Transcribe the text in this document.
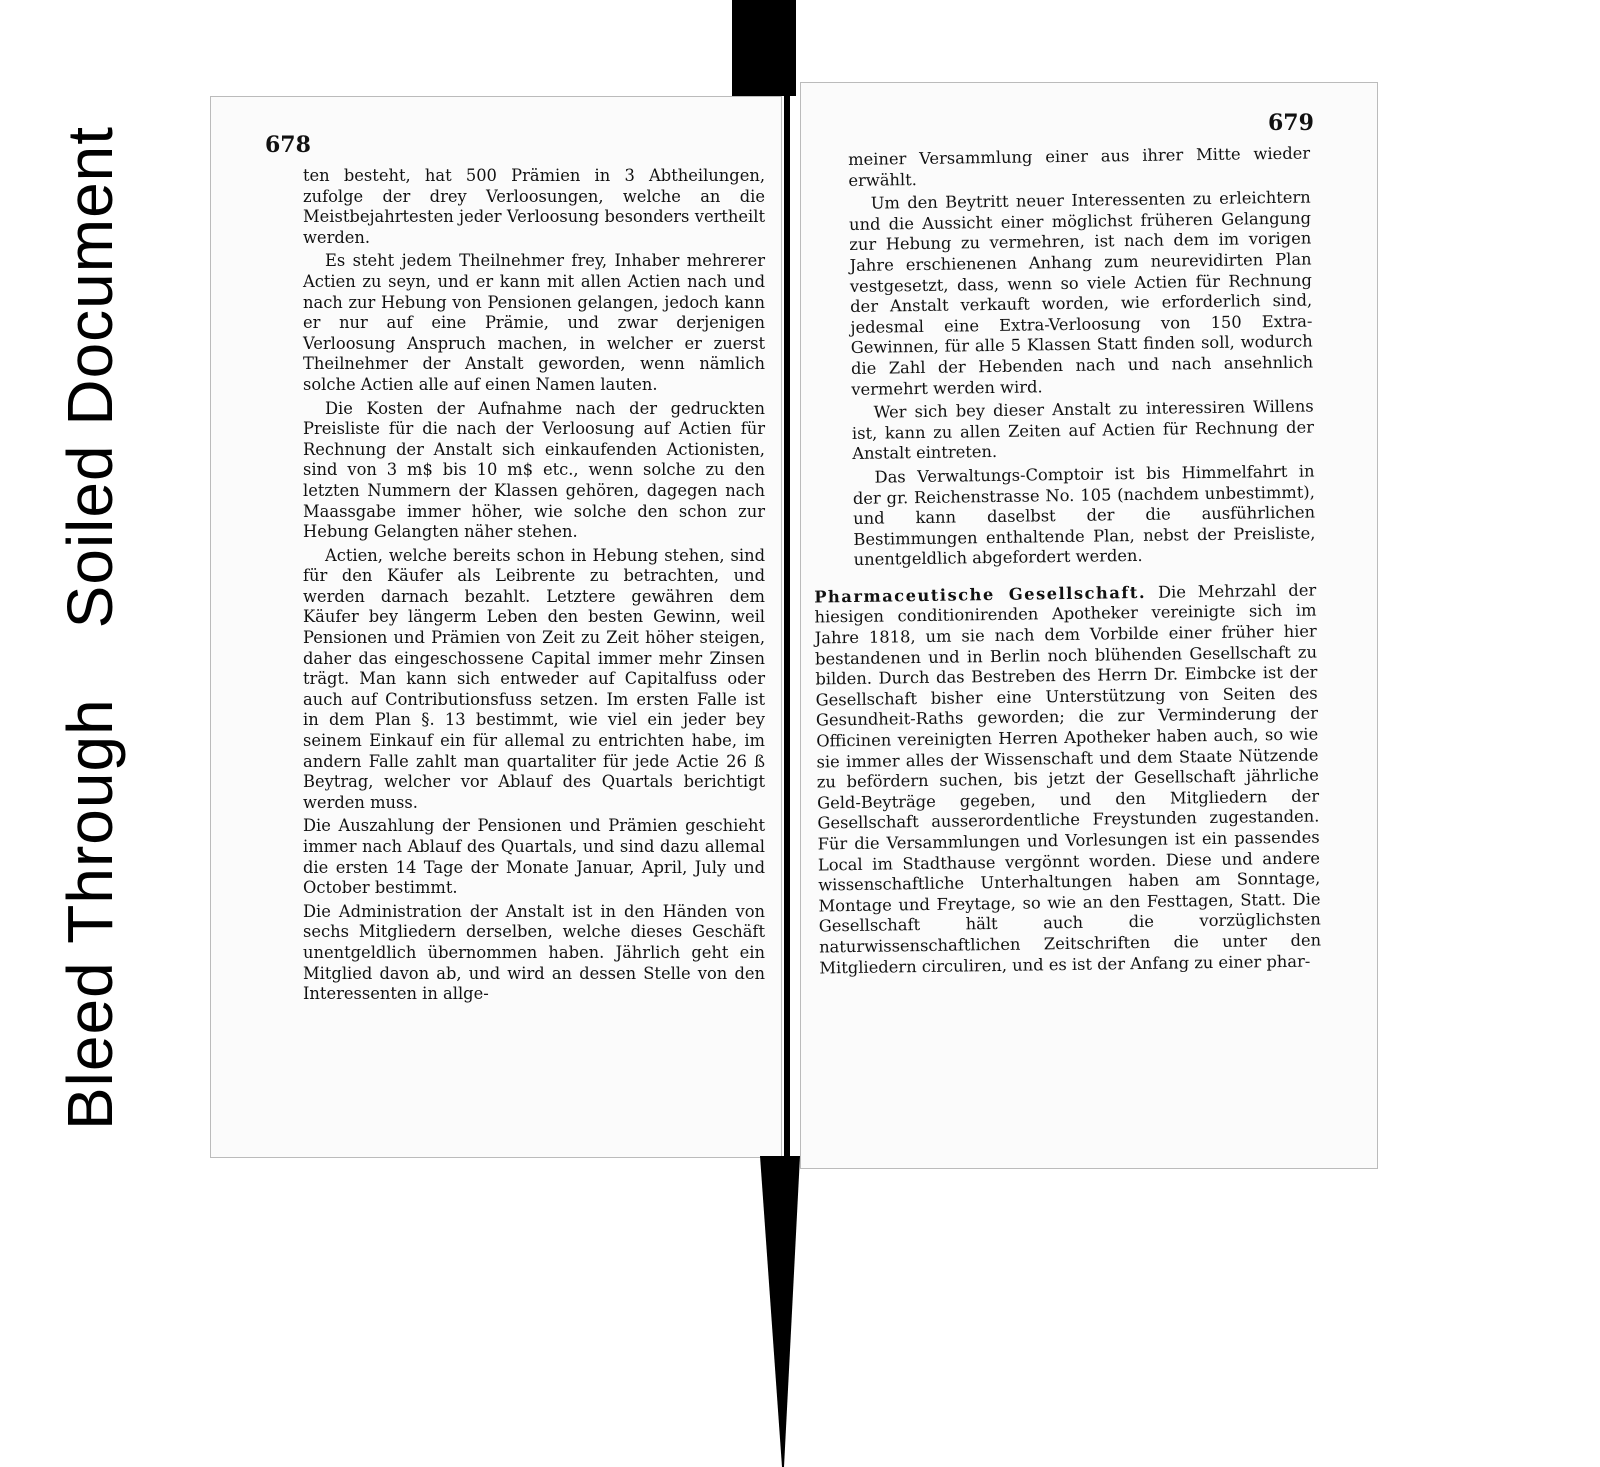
Bleed Through
Soiled Document	678
679

ten besteht, hat 500 Prämien in 3 Abtheilungen, zufolge der drey Verloosungen, welche an die Meistbejahrtesten jeder Verloosung besonders vertheilt werden.

Es steht jedem Theilnehmer frey, Inhaber mehrerer Actien zu seyn, und er kann mit allen Actien nach und nach zur Hebung von Pensionen gelangen, jedoch kann er nur auf eine Prämie, und zwar derjenigen Verloosung Anspruch machen, in welcher er zuerst Theilnehmer der Anstalt geworden, wenn nämlich solche Actien alle auf einen Namen lauten.

Die Kosten der Aufnahme nach der gedruckten Preisliste für die nach der Verloosung auf Actien für Rechnung der Anstalt sich einkaufenden Actionisten, sind von 3 m$ bis 10 m$ etc., wenn solche zu den letzten Nummern der Klassen gehören, dagegen nach Maassgabe immer höher, wie solche den schon zur Hebung Gelangten näher stehen.

Actien, welche bereits schon in Hebung stehen, sind für den Käufer als Leibrente zu betrachten, und werden darnach bezahlt. Letztere gewähren dem Käufer bey längerm Leben den besten Gewinn, weil Pensionen und Prämien von Zeit zu Zeit höher steigen, daher das eingeschossene Capital immer mehr Zinsen trägt. Man kann sich entweder auf Capitalfuss oder auch auf Contributionsfuss setzen. Im ersten Falle ist in dem Plan §. 13 bestimmt, wie viel ein jeder bey seinem Einkauf ein für allemal zu entrichten habe, im andern Falle zahlt man quartaliter für jede Actie 26 ß Beytrag, welcher vor Ablauf des Quartals berichtigt werden muss.

Die Auszahlung der Pensionen und Prämien geschieht immer nach Ablauf des Quartals, und sind dazu allemal die ersten 14 Tage der Monate Januar, April, July und October bestimmt.

Die Administration der Anstalt ist in den Händen von sechs Mitgliedern derselben, welche dieses Geschäft unentgeldlich übernommen haben. Jährlich geht ein Mitglied davon ab, und wird an dessen Stelle von den Interessenten in allge-

meiner Versammlung einer aus ihrer Mitte wieder erwählt.

Um den Beytritt neuer Interessenten zu erleichtern und die Aussicht einer möglichst früheren Gelangung zur Hebung zu vermehren, ist nach dem im vorigen Jahre erschienenen Anhang zum neurevidirten Plan vestgesetzt, dass, wenn so viele Actien für Rechnung der Anstalt verkauft worden, wie erforderlich sind, jedesmal eine Extra-Verloosung von 150 Extra-Gewinnen, für alle 5 Klassen Statt finden soll, wodurch die Zahl der Hebenden nach und nach ansehnlich vermehrt werden wird.

Wer sich bey dieser Anstalt zu interessiren Willens ist, kann zu allen Zeiten auf Actien für Rechnung der Anstalt eintreten.

Das Verwaltungs-Comptoir ist bis Himmelfahrt in der gr. Reichenstrasse No. 105 (nachdem unbestimmt), und kann daselbst der die ausführlichen Bestimmungen enthaltende Plan, nebst der Preisliste, unentgeldlich abgefordert werden.

Pharmaceutische Gesellschaft. Die Mehrzahl der hiesigen conditionirenden Apotheker vereinigte sich im Jahre 1818, um sie nach dem Vorbilde einer früher hier bestandenen und in Berlin noch blühenden Gesellschaft zu bilden. Durch das Bestreben des Herrn Dr. Eimbcke ist der Gesellschaft bisher eine Unterstützung von Seiten des Gesundheit-Raths geworden; die zur Verminderung der Officinen vereinigten Herren Apotheker haben auch, so wie sie immer alles der Wissenschaft und dem Staate Nützende zu befördern suchen, bis jetzt der Gesellschaft jährliche Geld-Beyträge gegeben, und den Mitgliedern der Gesellschaft ausserordentliche Freystunden zugestanden. Für die Versammlungen und Vorlesungen ist ein passendes Local im Stadthause vergönnt worden. Diese und andere wissenschaftliche Unterhaltungen haben am Sonntage, Montage und Freytage, so wie an den Festtagen, Statt. Die Gesellschaft hält auch die vorzüglichsten naturwissenschaftlichen Zeitschriften die unter den Mitgliedern circuliren, und es ist der Anfang zu einer phar-
